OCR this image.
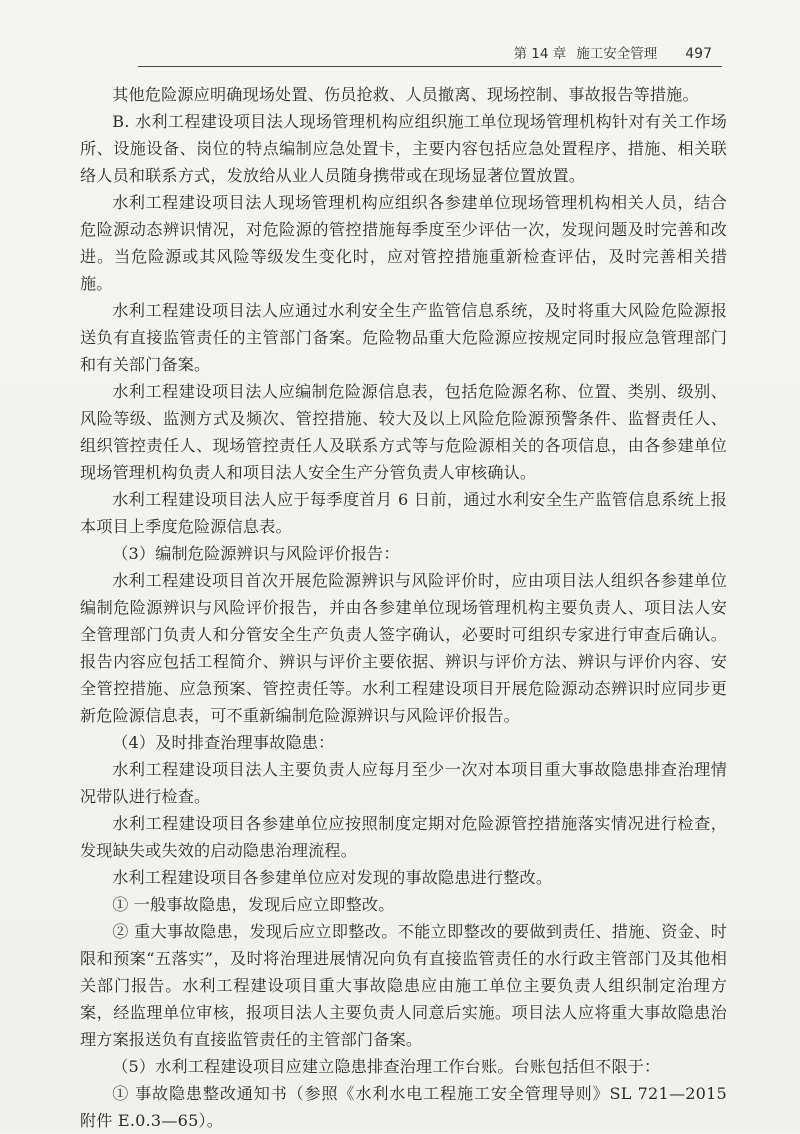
第 14 章 施工安全管理 497

其他危险源应明确现场处置、伤员抢救、人员撤离、现场控制、事故报告等措施。

B. 水利工程建设项目法人现场管理机构应组织施工单位现场管理机构针对有关工作场所、设施设备、岗位的特点编制应急处置卡，主要内容包括应急处置程序、措施、相关联络人员和联系方式，发放给从业人员随身携带或在现场显著位置放置。

水利工程建设项目法人现场管理机构应组织各参建单位现场管理机构相关人员，结合危险源动态辨识情况，对危险源的管控措施每季度至少评估一次，发现问题及时完善和改进。当危险源或其风险等级发生变化时，应对管控措施重新检查评估，及时完善相关措施。

水利工程建设项目法人应通过水利安全生产监管信息系统，及时将重大风险危险源报送负有直接监管责任的主管部门备案。危险物品重大危险源应按规定同时报应急管理部门和有关部门备案。

水利工程建设项目法人应编制危险源信息表，包括危险源名称、位置、类别、级别、风险等级、监测方式及频次、管控措施、较大及以上风险危险源预警条件、监督责任人、组织管控责任人、现场管控责任人及联系方式等与危险源相关的各项信息，由各参建单位现场管理机构负责人和项目法人安全生产分管负责人审核确认。

水利工程建设项目法人应于每季度首月 6 日前，通过水利安全生产监管信息系统上报本项目上季度危险源信息表。

（3）编制危险源辨识与风险评价报告：

水利工程建设项目首次开展危险源辨识与风险评价时，应由项目法人组织各参建单位编制危险源辨识与风险评价报告，并由各参建单位现场管理机构主要负责人、项目法人安全管理部门负责人和分管安全生产负责人签字确认，必要时可组织专家进行审查后确认。报告内容应包括工程简介、辨识与评价主要依据、辨识与评价方法、辨识与评价内容、安全管控措施、应急预案、管控责任等。水利工程建设项目开展危险源动态辨识时应同步更新危险源信息表，可不重新编制危险源辨识与风险评价报告。

（4）及时排查治理事故隐患：

水利工程建设项目法人主要负责人应每月至少一次对本项目重大事故隐患排查治理情况带队进行检查。

水利工程建设项目各参建单位应按照制度定期对危险源管控措施落实情况进行检查，发现缺失或失效的启动隐患治理流程。

水利工程建设项目各参建单位应对发现的事故隐患进行整改。

① 一般事故隐患，发现后应立即整改。

② 重大事故隐患，发现后应立即整改。不能立即整改的要做到责任、措施、资金、时限和预案“五落实”，及时将治理进展情况向负有直接监管责任的水行政主管部门及其他相关部门报告。水利工程建设项目重大事故隐患应由施工单位主要负责人组织制定治理方案，经监理单位审核，报项目法人主要负责人同意后实施。项目法人应将重大事故隐患治理方案报送负有直接监管责任的主管部门备案。

（5）水利工程建设项目应建立隐患排查治理工作台账。台账包括但不限于：

① 事故隐患整改通知书（参照《水利水电工程施工安全管理导则》SL 721—2015 附件 E.0.3—65）。
